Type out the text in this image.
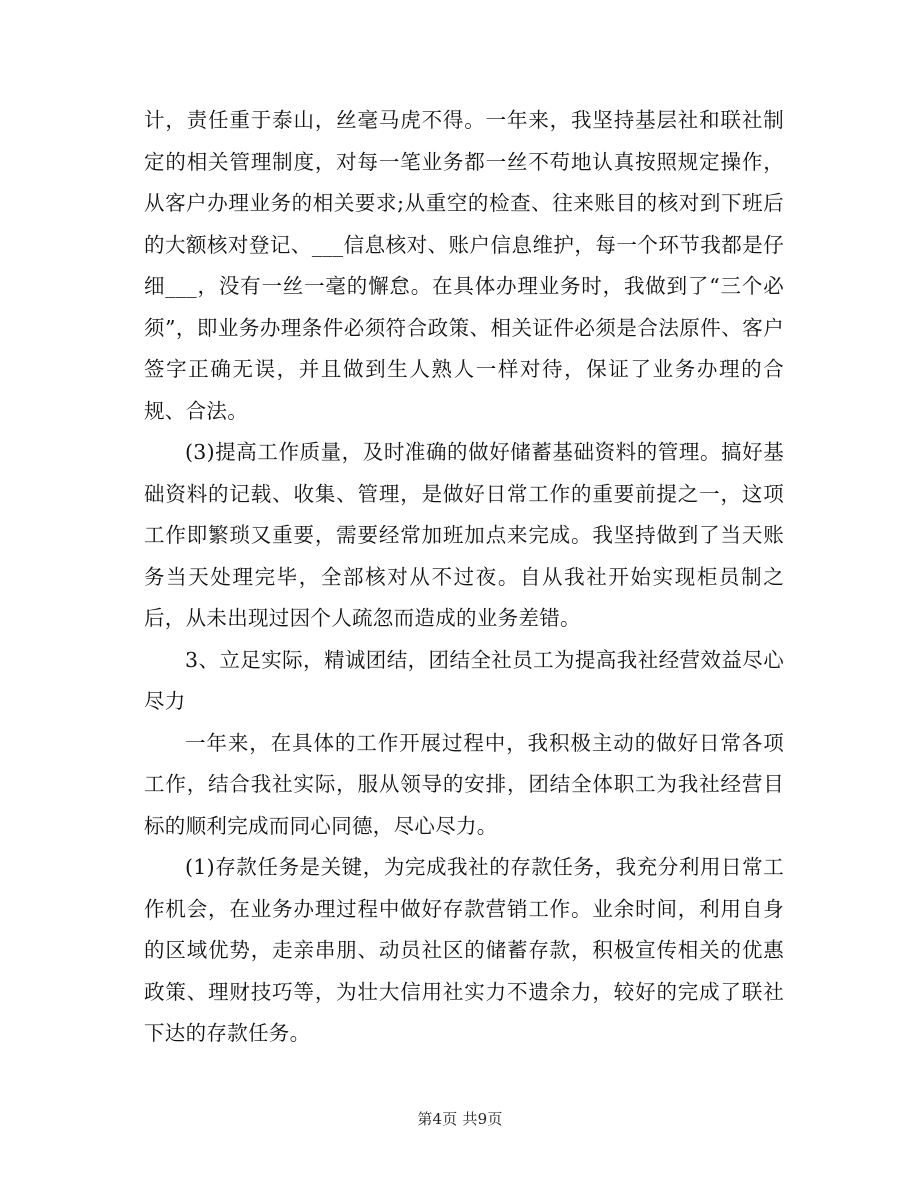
计，责任重于泰山，丝毫马虎不得。一年来，我坚持基层社和联社制定的相关管理制度，对每一笔业务都一丝不苟地认真按照规定操作，从客户办理业务的相关要求;从重空的检查、往来账目的核对到下班后的大额核对登记、___信息核对、账户信息维护，每一个环节我都是仔细___，没有一丝一毫的懈怠。在具体办理业务时，我做到了“三个必须”，即业务办理条件必须符合政策、相关证件必须是合法原件、客户签字正确无误，并且做到生人熟人一样对待，保证了业务办理的合规、合法。

(3)提高工作质量，及时准确的做好储蓄基础资料的管理。搞好基础资料的记载、收集、管理，是做好日常工作的重要前提之一，这项工作即繁琐又重要，需要经常加班加点来完成。我坚持做到了当天账务当天处理完毕，全部核对从不过夜。自从我社开始实现柜员制之后，从未出现过因个人疏忽而造成的业务差错。

3、立足实际，精诚团结，团结全社员工为提高我社经营效益尽心尽力

一年来，在具体的工作开展过程中，我积极主动的做好日常各项工作，结合我社实际，服从领导的安排，团结全体职工为我社经营目标的顺利完成而同心同德，尽心尽力。

(1)存款任务是关键，为完成我社的存款任务，我充分利用日常工作机会，在业务办理过程中做好存款营销工作。业余时间，利用自身的区域优势，走亲串朋、动员社区的储蓄存款，积极宣传相关的优惠政策、理财技巧等，为壮大信用社实力不遗余力，较好的完成了联社下达的存款任务。

第4页 共9页
